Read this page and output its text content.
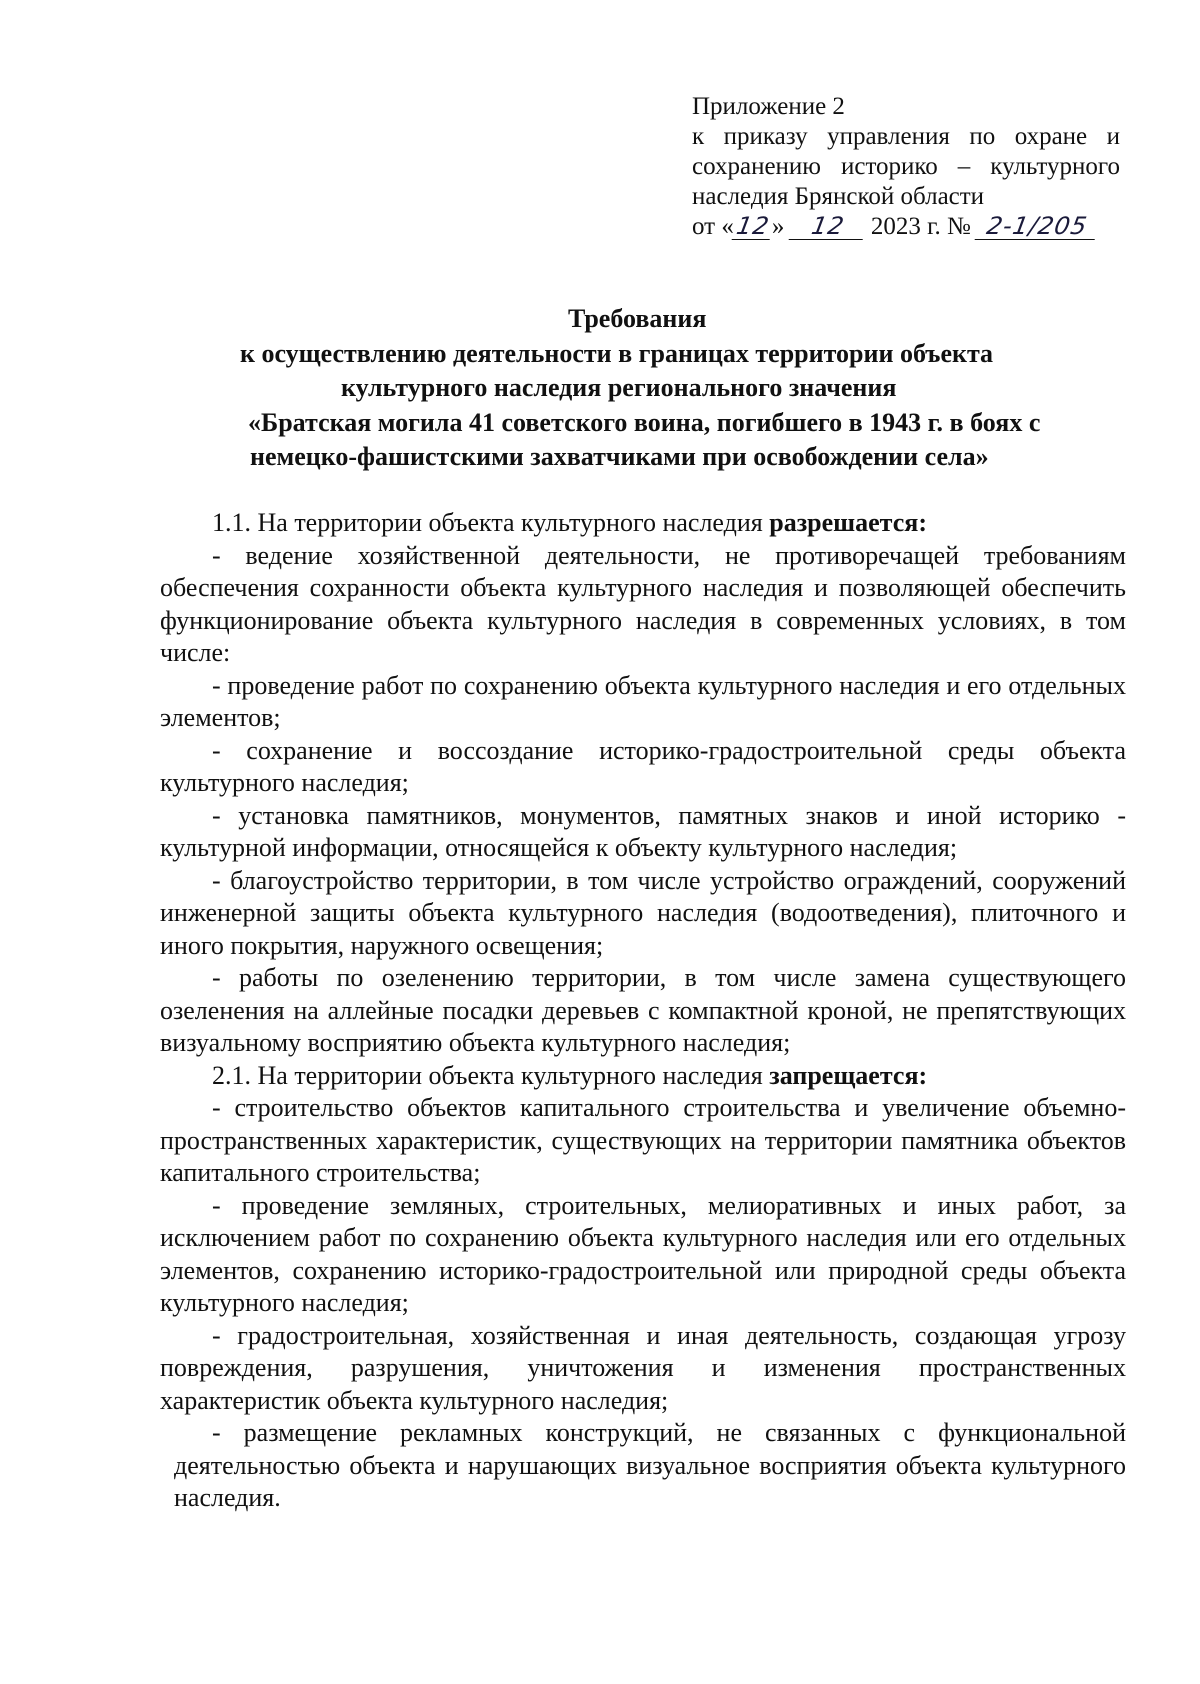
Приложение 2
к приказу управления по охране и
сохранению историко – культурного
наследия Брянской области
от «12» 12 2023 г. № 2-1/205
Требования
к осуществлению деятельности в границах территории объекта
культурного наследия регионального значения
«Братская могила 41 советского воина, погибшего в 1943 г. в боях с
немецко-фашистскими захватчиками при освобождении села»

1.1. На территории объекта культурного наследия разрешается:

- ведение хозяйственной деятельности, не противоречащей требованиям обеспечения сохранности объекта культурного наследия и позволяющей обеспечить функционирование объекта культурного наследия в современных условиях, в том числе:

- проведение работ по сохранению объекта культурного наследия и его отдельных элементов;

- сохранение и воссоздание историко-градостроительной среды объекта культурного наследия;

- установка памятников, монументов, памятных знаков и иной историко - культурной информации, относящейся к объекту культурного наследия;

- благоустройство территории, в том числе устройство ограждений, сооружений инженерной защиты объекта культурного наследия (водоотведения), плиточного и иного покрытия, наружного освещения;

- работы по озеленению территории, в том числе замена существующего озеленения на аллейные посадки деревьев с компактной кроной, не препятствующих визуальному восприятию объекта культурного наследия;

2.1. На территории объекта культурного наследия запрещается:

- строительство объектов капитального строительства и увеличение объемно-пространственных характеристик, существующих на территории памятника объектов капитального строительства;

- проведение земляных, строительных, мелиоративных и иных работ, за исключением работ по сохранению объекта культурного наследия или его отдельных элементов, сохранению историко-градостроительной или природной среды объекта культурного наследия;

- градостроительная, хозяйственная и иная деятельность, создающая угрозу повреждения, разрушения, уничтожения и изменения пространственных характеристик объекта культурного наследия;

- размещение рекламных конструкций, не связанных с функциональной деятельностью объекта и нарушающих визуальное восприятия объекта культурного наследия.
